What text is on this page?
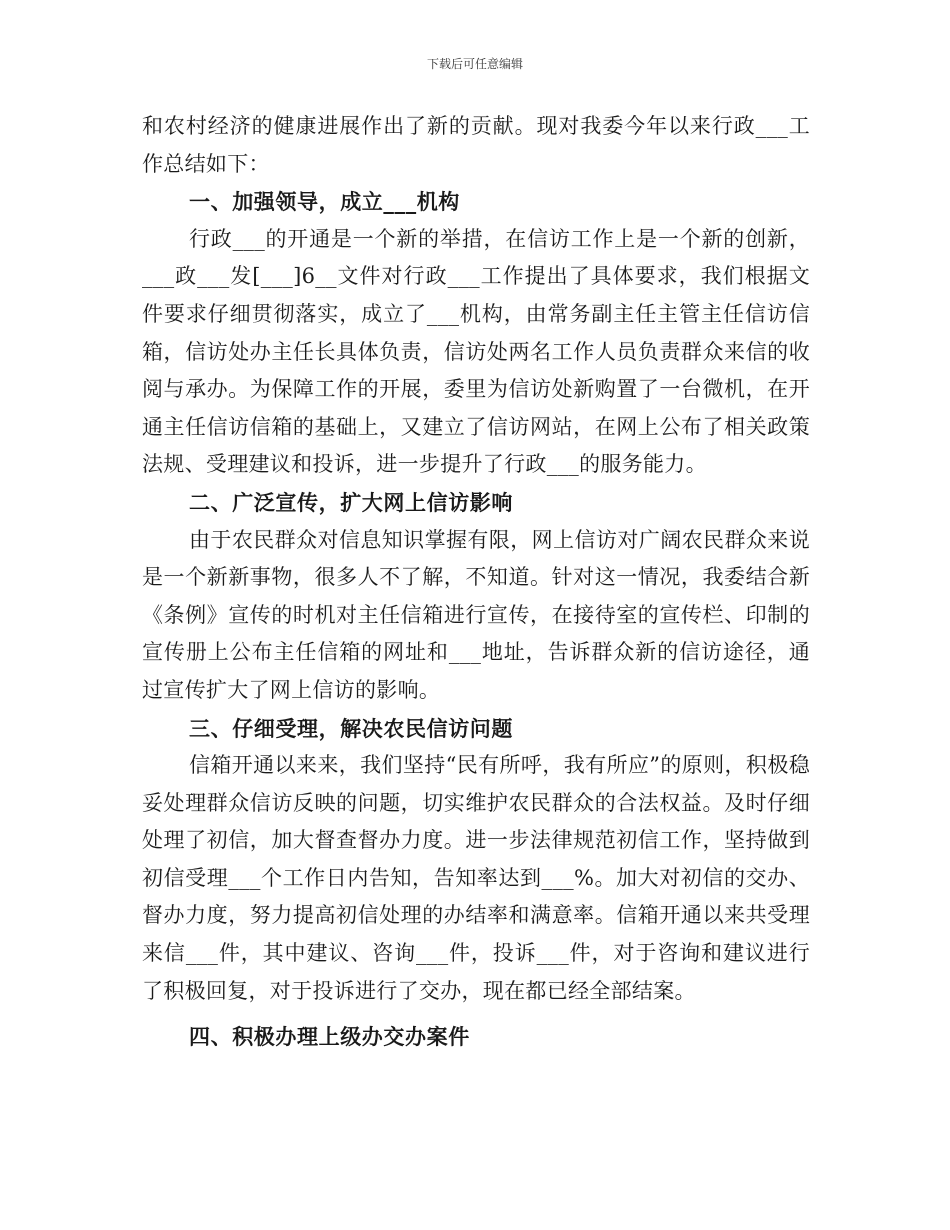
下载后可任意编辑

和农村经济的健康进展作出了新的贡献。现对我委今年以来行政___工作总结如下：

一、加强领导，成立___机构

行政___的开通是一个新的举措，在信访工作上是一个新的创新，___政___发[___]6__文件对行政___工作提出了具体要求，我们根据文件要求仔细贯彻落实，成立了___机构，由常务副主任主管主任信访信箱，信访处办主任长具体负责，信访处两名工作人员负责群众来信的收阅与承办。为保障工作的开展，委里为信访处新购置了一台微机，在开通主任信访信箱的基础上，又建立了信访网站，在网上公布了相关政策法规、受理建议和投诉，进一步提升了行政___的服务能力。

二、广泛宣传，扩大网上信访影响

由于农民群众对信息知识掌握有限，网上信访对广阔农民群众来说是一个新新事物，很多人不了解，不知道。针对这一情况，我委结合新《条例》宣传的时机对主任信箱进行宣传，在接待室的宣传栏、印制的宣传册上公布主任信箱的网址和___地址，告诉群众新的信访途径，通过宣传扩大了网上信访的影响。

三、仔细受理，解决农民信访问题

信箱开通以来来，我们坚持“民有所呼，我有所应”的原则，积极稳妥处理群众信访反映的问题，切实维护农民群众的合法权益。及时仔细处理了初信，加大督查督办力度。进一步法律规范初信工作，坚持做到初信受理___个工作日内告知，告知率达到___%。加大对初信的交办、督办力度，努力提高初信处理的办结率和满意率。信箱开通以来共受理来信___件，其中建议、咨询___件，投诉___件，对于咨询和建议进行了积极回复，对于投诉进行了交办，现在都已经全部结案。

四、积极办理上级办交办案件
